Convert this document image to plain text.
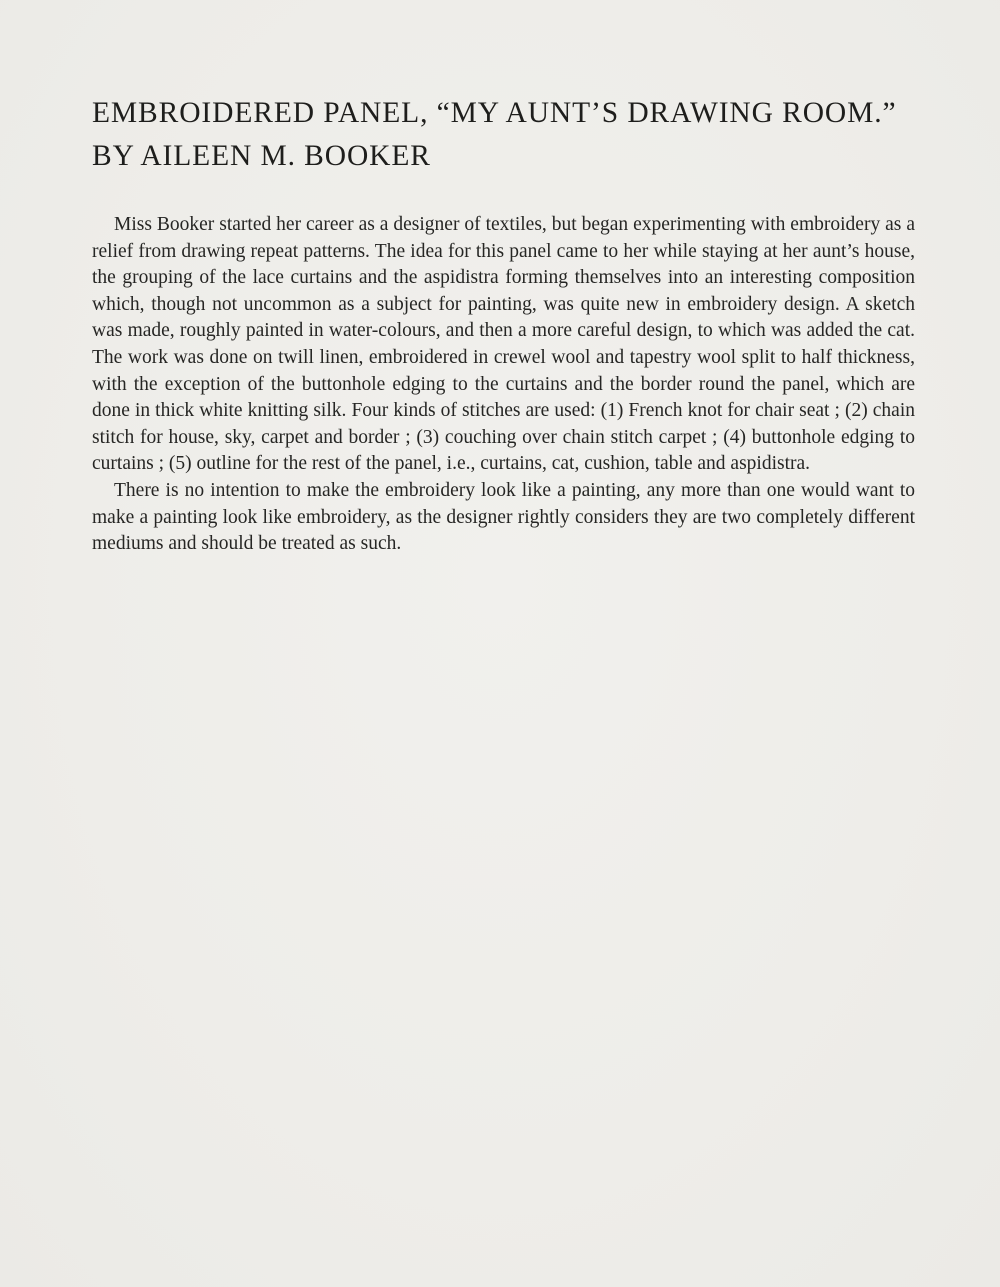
EMBROIDERED PANEL, “MY AUNT’S DRAWING ROOM.” BY AILEEN M. BOOKER

Miss Booker started her career as a designer of textiles, but began experimenting with embroidery as a relief from drawing repeat patterns. The idea for this panel came to her while staying at her aunt’s house, the grouping of the lace curtains and the aspidistra forming themselves into an interesting composition which, though not uncommon as a subject for painting, was quite new in embroidery design. A sketch was made, roughly painted in water-colours, and then a more careful design, to which was added the cat. The work was done on twill linen, embroidered in crewel wool and tapestry wool split to half thickness, with the exception of the buttonhole edging to the curtains and the border round the panel, which are done in thick white knitting silk. Four kinds of stitches are used: (1) French knot for chair seat ; (2) chain stitch for house, sky, carpet and border ; (3) couching over chain stitch carpet ; (4) buttonhole edging to curtains ; (5) outline for the rest of the panel, i.e., curtains, cat, cushion, table and aspidistra.

There is no intention to make the embroidery look like a painting, any more than one would want to make a painting look like embroidery, as the designer rightly considers they are two completely different mediums and should be treated as such.
